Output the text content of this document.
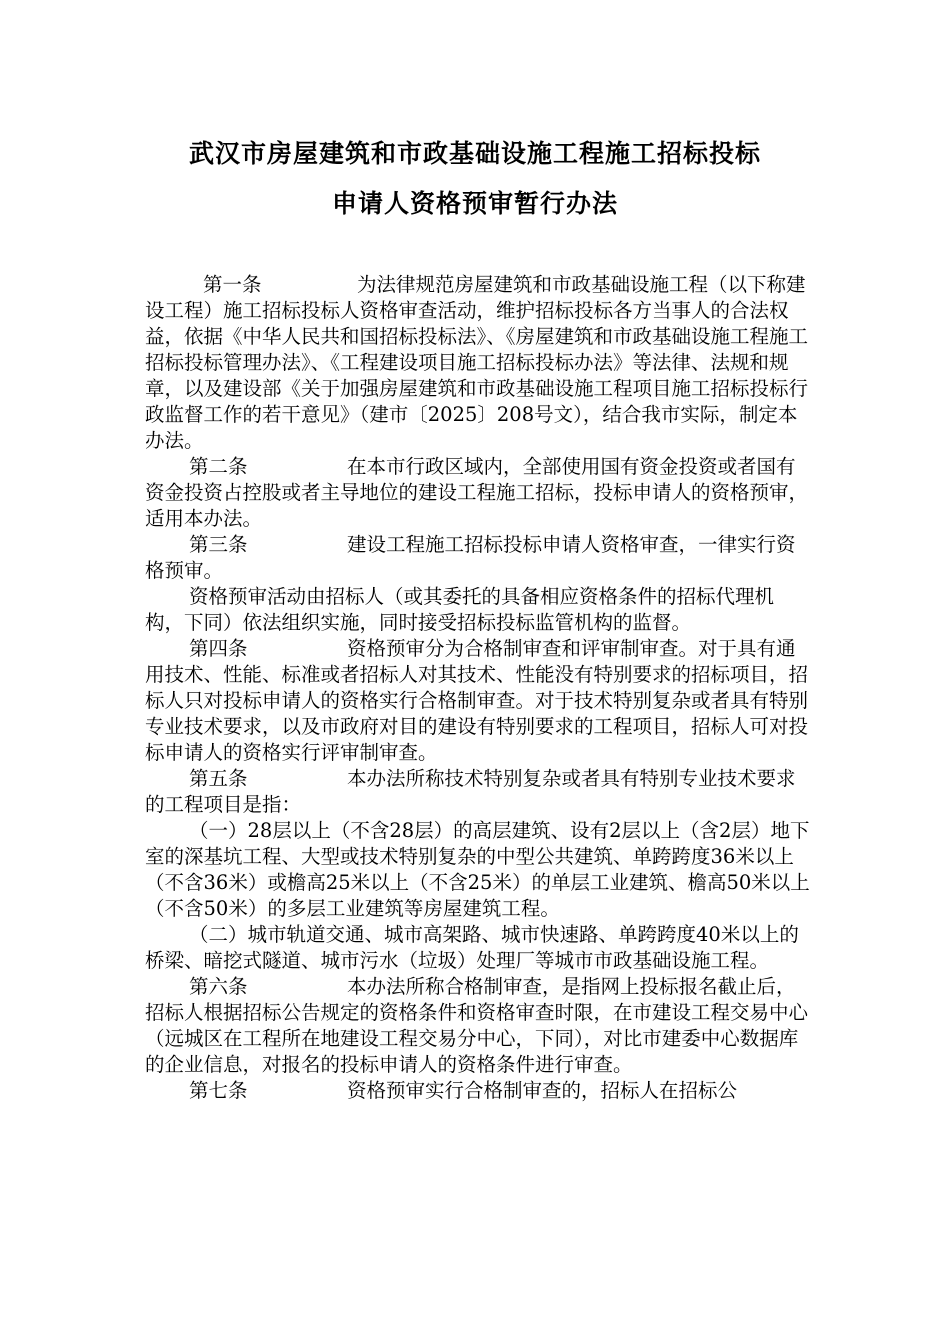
武汉市房屋建筑和市政基础设施工程施工招标投标
申请人资格预审暂行办法

第一条	为法律规范房屋建筑和市政基础设施工程（以下称建设工程）施工招标投标人资格审查活动，维护招标投标各方当事人的合法权益，依据《中华人民共和国招标投标法》、《房屋建筑和市政基础设施工程施工招标投标管理办法》、《工程建设项目施工招标投标办法》等法律、法规和规章，以及建设部《关于加强房屋建筑和市政基础设施工程项目施工招标投标行政监督工作的若干意见》（建市〔2025〕208号文），结合我市实际，制定本办法。

第二条	在本市行政区域内，全部使用国有资金投资或者国有资金投资占控股或者主导地位的建设工程施工招标，投标申请人的资格预审，适用本办法。

第三条	建设工程施工招标投标申请人资格审查，一律实行资格预审。

资格预审活动由招标人（或其委托的具备相应资格条件的招标代理机构，下同）依法组织实施，同时接受招标投标监管机构的监督。

第四条	资格预审分为合格制审查和评审制审查。对于具有通用技术、性能、标准或者招标人对其技术、性能没有特别要求的招标项目，招标人只对投标申请人的资格实行合格制审查。对于技术特别复杂或者具有特别专业技术要求，以及市政府对目的建设有特别要求的工程项目，招标人可对投标申请人的资格实行评审制审查。

第五条	本办法所称技术特别复杂或者具有特别专业技术要求的工程项目是指：

（一）28层以上（不含28层）的高层建筑、设有2层以上（含2层）地下室的深基坑工程、大型或技术特别复杂的中型公共建筑、单跨跨度36米以上（不含36米）或檐高25米以上（不含25米）的单层工业建筑、檐高50米以上（不含50米）的多层工业建筑等房屋建筑工程。

（二）城市轨道交通、城市高架路、城市快速路、单跨跨度40米以上的桥梁、暗挖式隧道、城市污水（垃圾）处理厂等城市市政基础设施工程。

第六条	本办法所称合格制审查，是指网上投标报名截止后，招标人根据招标公告规定的资格条件和资格审查时限，在市建设工程交易中心（远城区在工程所在地建设工程交易分中心，下同），对比市建委中心数据库的企业信息，对报名的投标申请人的资格条件进行审查。

第七条	资格预审实行合格制审查的，招标人在招标公
